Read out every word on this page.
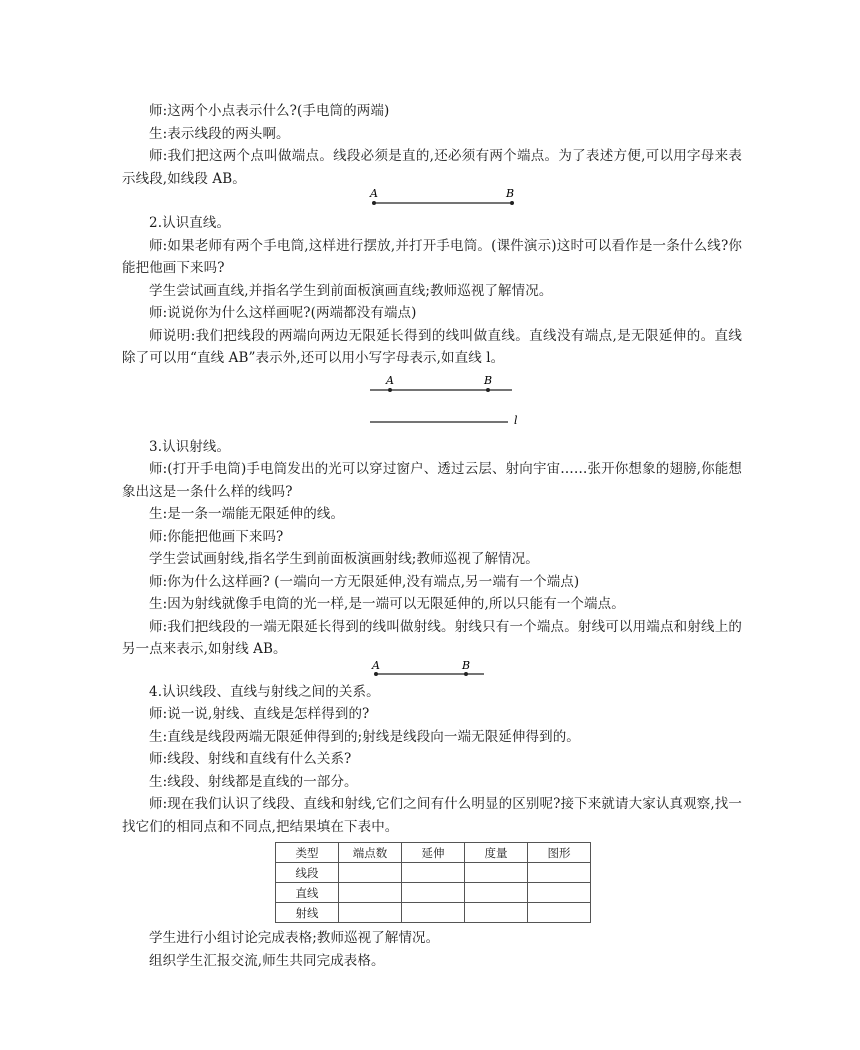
师:这两个小点表示什么?(手电筒的两端)

生:表示线段的两头啊。

师:我们把这两个点叫做端点。线段必须是直的,还必须有两个端点。为了表述方便,可以用字母来表示线段,如线段 AB。

A	B

2.认识直线。

师:如果老师有两个手电筒,这样进行摆放,并打开手电筒。(课件演示)这时可以看作是一条什么线?你能把他画下来吗?

学生尝试画直线,并指名学生到前面板演画直线;教师巡视了解情况。

师:说说你为什么这样画呢?(两端都没有端点)

师说明:我们把线段的两端向两边无限延长得到的线叫做直线。直线没有端点,是无限延伸的。直线除了可以用“直线 AB”表示外,还可以用小写字母表示,如直线 l。

A	B
l

3.认识射线。

师:(打开手电筒)手电筒发出的光可以穿过窗户、透过云层、射向宇宙……张开你想象的翅膀,你能想象出这是一条什么样的线吗?

生:是一条一端能无限延伸的线。

师:你能把他画下来吗?

学生尝试画射线,指名学生到前面板演画射线;教师巡视了解情况。

师:你为什么这样画? (一端向一方无限延伸,没有端点,另一端有一个端点)

生:因为射线就像手电筒的光一样,是一端可以无限延伸的,所以只能有一个端点。

师:我们把线段的一端无限延长得到的线叫做射线。射线只有一个端点。射线可以用端点和射线上的另一点来表示,如射线 AB。

A	B

4.认识线段、直线与射线之间的关系。

师:说一说,射线、直线是怎样得到的?

生:直线是线段两端无限延伸得到的;射线是线段向一端无限延伸得到的。

师:线段、射线和直线有什么关系?

生:线段、射线都是直线的一部分。

师:现在我们认识了线段、直线和射线,它们之间有什么明显的区别呢?接下来就请大家认真观察,找一找它们的相同点和不同点,把结果填在下表中。

类型	端点数	延伸	度量	图形
线段				
直线				
射线				

学生进行小组讨论完成表格;教师巡视了解情况。

组织学生汇报交流,师生共同完成表格。
